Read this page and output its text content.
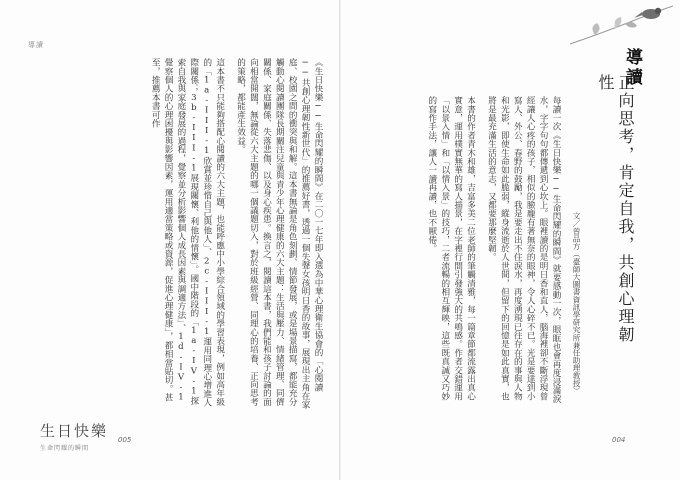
導讀
導讀
正向思考，肯定自我，共創心理韌性
文／曾品方（臺師大圖書資訊學研究所兼任助理教授）

每讀一次《生日快樂──生命閃耀的瞬間》就要感動一次，眼眶也會再度浸滿淚水，字字句句都傳遞到心坎上。眼裡讀的是明日香和直人，腦海裡卻不斷浮現曾經讓人心疼的孩子，相似的臉龐有著無奈的眼神，令人心碎不已。光是要達到小寫人、外公、春野的鼓勵，我是要走出不住淚水，再度湧現已往存在的事與人物和光影，即使生命如此脆弱，縱身流逝於人世間，但留下的回憶是如此真實，也將是最充滿生活的意志，又都要那麼堅韌。

本書的作者青木和雄，吉富多美二位老師的筆觸清雅，每一篇章節都流露出真心實意，運用樸實無華的寫人描景，在字裡行間引發強大的共鳴感。作者交錯運用「以景入情」和「以情入景」的技巧，二者流暢的相互輝映，這些既真誠又巧妙的寫作手法，讓人一讀再讀，也不厭倦。

《生日快樂──生命閃耀的瞬間》在二〇一七年即入選為中華心理衛生協會的「心閱讀──共創心理韌性新世代」的推薦好書，透過一個失聲女孩明日香的故事，展現出主角在家庭、校園之間的衝突與和解。這本書無論是角色刻劃、情節發展，或是場景描寫，都能充分觸動心閱讀團隊長期關注兒童與青少年心理健康的六大主題：生活與壓力、情緒管理、同儕關係、家庭關係、失落悲傷、以及身心疾患。換言之，閱讀這本書，我們能和孩子討論的面向相當開闊，無論從六大主題的哪一個議題切入，對於班級經營、同理心的培養、正向思考的策略，都能產生效益。

這本書不只能夠搭配心閱讀的六大主題，也能呼應中小學綜合領域的學習表現，例如高年級的「1a-III-1欣賞並珍惜自己與他人」、2c-III-1運用同理心增進人際關係；3b-III-1展現關懷、利他的情懷」。國中階段的「1a-IV-1探索自我與家庭發展的過程，覺察並分析影響個人成長因素與調適方法」、1d-IV-1覺察個人的心理困擾與影響因素，運用適當策略或資源，促進心理健康」，都相當貼切。甚至，推薦本書可作

生日快樂
生命閃耀的瞬間
005	004
